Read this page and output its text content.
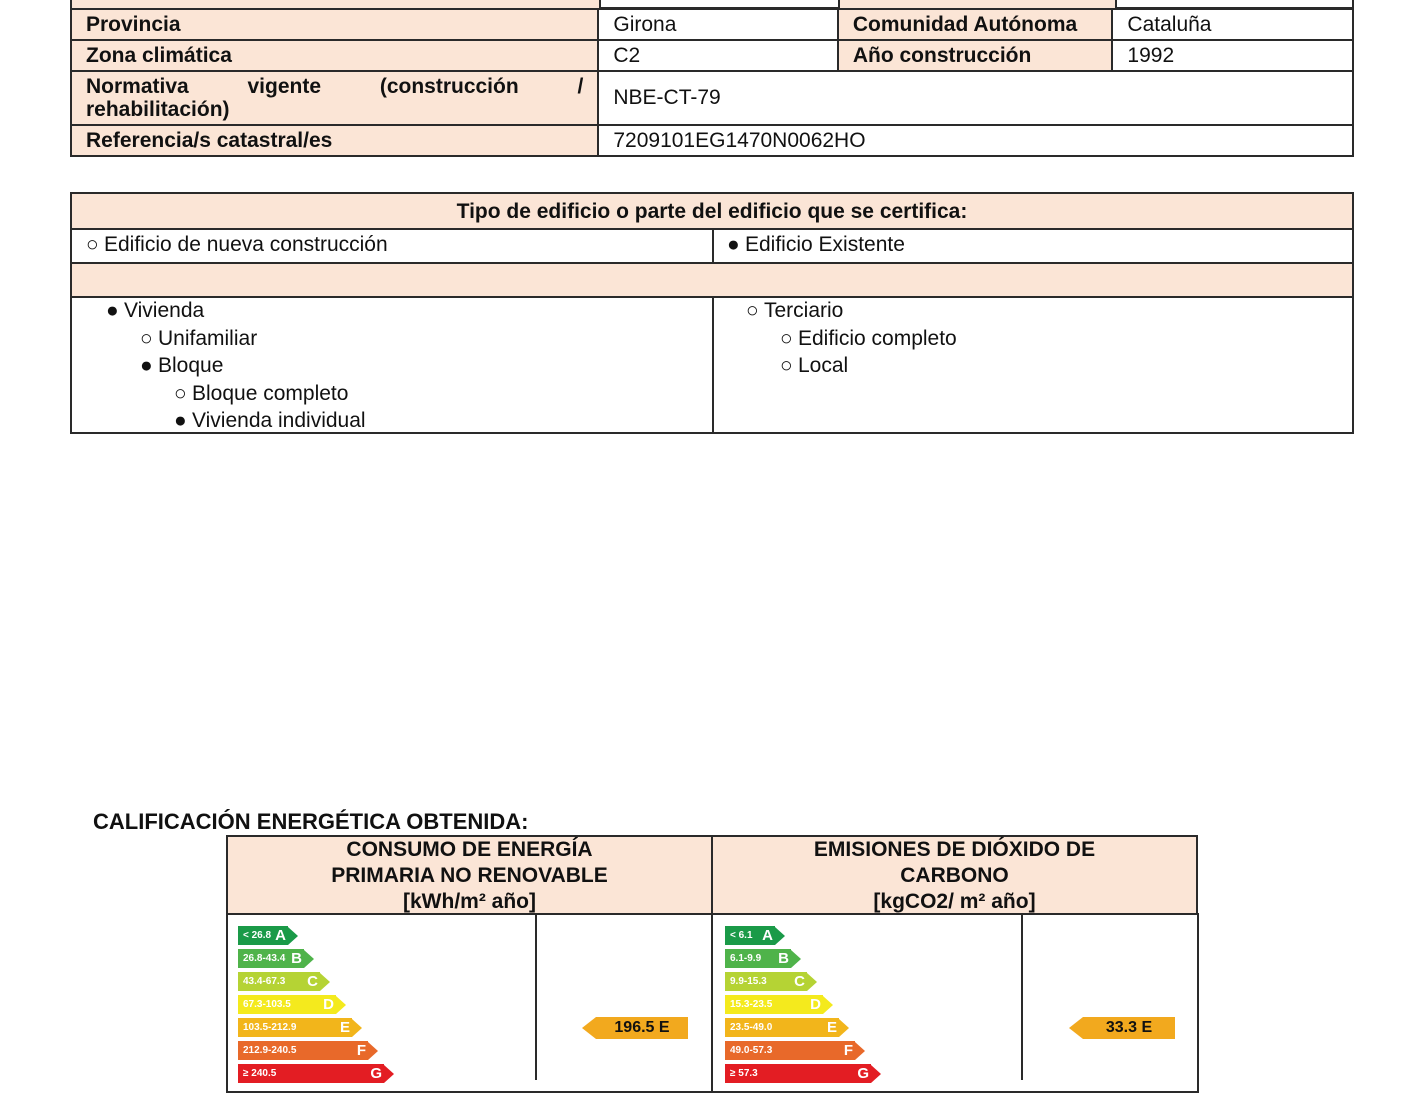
Provincia	Girona	Comunidad Autónoma	Cataluña
Zona climática	C2	Año construcción	1992

Normativa vigente (construcción /
rehabilitación)	NBE-CT-79		
Referencia/s catastral/es	7209101EG1470N0062HO		
Tipo de edificio o parte del edificio que se certifica:
○ Edificio de nueva construcción	● Edificio Existente
● Vivienda
○ Unifamiliar
● Bloque
○ Bloque completo
● Vivienda individual
○ Terciario
○ Edificio completo
○ Local
CALIFICACIÓN ENERGÉTICA OBTENIDA:
CONSUMO DE ENERGÍA
PRIMARIA NO RENOVABLE
[kWh/m² año]
EMISIONES DE DIÓXIDO DE
CARBONO
[kgCO2/ m² año]
< 26.8 A
26.8-43.4 B
43.4-67.3 C
67.3-103.5 D
103.5-212.9	E
212.9-240.5	F
≥ 240.5	G
< 6.1 A
6.1-9.9 B
9.9-15.3 C
15.3-23.5	D
23.5-49.0	E
49.0-57.3	F
≥ 57.3	G
196.5
E	33.3
E
